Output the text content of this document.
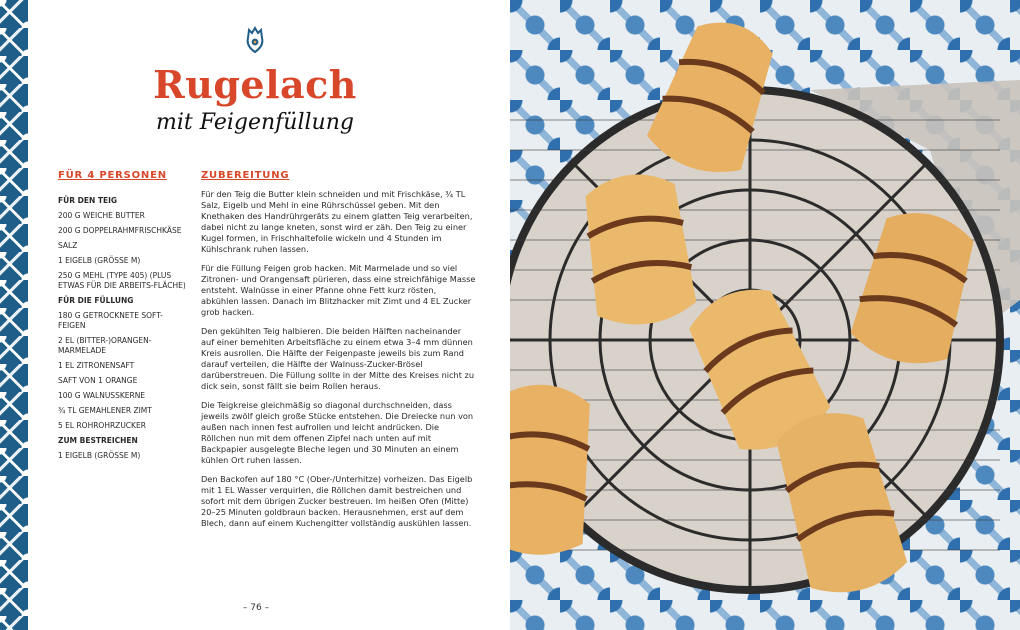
Rugelach
mit Feigenfüllung
FÜR 4 PERSONEN	ZUBEREITUNG
FÜR DEN TEIG
200 G WEICHE BUTTER
200 G DOPPELRAHMFRISCHKÄSE
SALZ
1 EIGELB (GRÖSSE M)
250 G MEHL (TYPE 405) (PLUS ETWAS FÜR DIE ARBEITS-FLÄCHE)
FÜR DIE FÜLLUNG
180 G GETROCKNETE SOFT-FEIGEN
2 EL (BITTER-)ORANGEN-MARMELADE
1 EL ZITRONENSAFT
SAFT VON 1 ORANGE
100 G WALNUSSKERNE
¾ TL GEMAHLENER ZIMT
5 EL ROHROHRZUCKER
ZUM BESTREICHEN
1 EIGELB (GRÖSSE M)

Für den Teig die Butter klein schneiden und mit Frischkäse, ¾ TL Salz, Eigelb und Mehl in eine Rührschüssel geben. Mit den Knethaken des Handrührgeräts zu einem glatten Teig verarbeiten, dabei nicht zu lange kneten, sonst wird er zäh. Den Teig zu einer Kugel formen, in Frischhaltefolie wickeln und 4 Stunden im Kühlschrank ruhen lassen.

Für die Füllung Feigen grob hacken. Mit Marmelade und so viel Zitronen- und Orangensaft pürieren, dass eine streichfähige Masse entsteht. Walnüsse in einer Pfanne ohne Fett kurz rösten, abkühlen lassen. Danach im Blitzhacker mit Zimt und 4 EL Zucker grob hacken.

Den gekühlten Teig halbieren. Die beiden Hälften nacheinander auf einer bemehlten Arbeitsfläche zu einem etwa 3–4 mm dünnen Kreis ausrollen. Die Hälfte der Feigenpaste jeweils bis zum Rand darauf verteilen, die Hälfte der Walnuss-Zucker-Brösel darüberstreuen. Die Füllung sollte in der Mitte des Kreises nicht zu dick sein, sonst fällt sie beim Rollen heraus.

Die Teigkreise gleichmäßig so diagonal durchschneiden, dass jeweils zwölf gleich große Stücke entstehen. Die Dreiecke nun von außen nach innen fest aufrollen und leicht andrücken. Die Röllchen nun mit dem offenen Zipfel nach unten auf mit Backpapier ausgelegte Bleche legen und 30 Minuten an einem kühlen Ort ruhen lassen.

Den Backofen auf 180 °C (Ober-/Unterhitze) vorheizen. Das Eigelb mit 1 EL Wasser verquirlen, die Röllchen damit bestreichen und sofort mit dem übrigen Zucker bestreuen. Im heißen Ofen (Mitte) 20–25 Minuten goldbraun backen. Herausnehmen, erst auf dem Blech, dann auf einem Kuchengitter vollständig auskühlen lassen.

– 76 –
